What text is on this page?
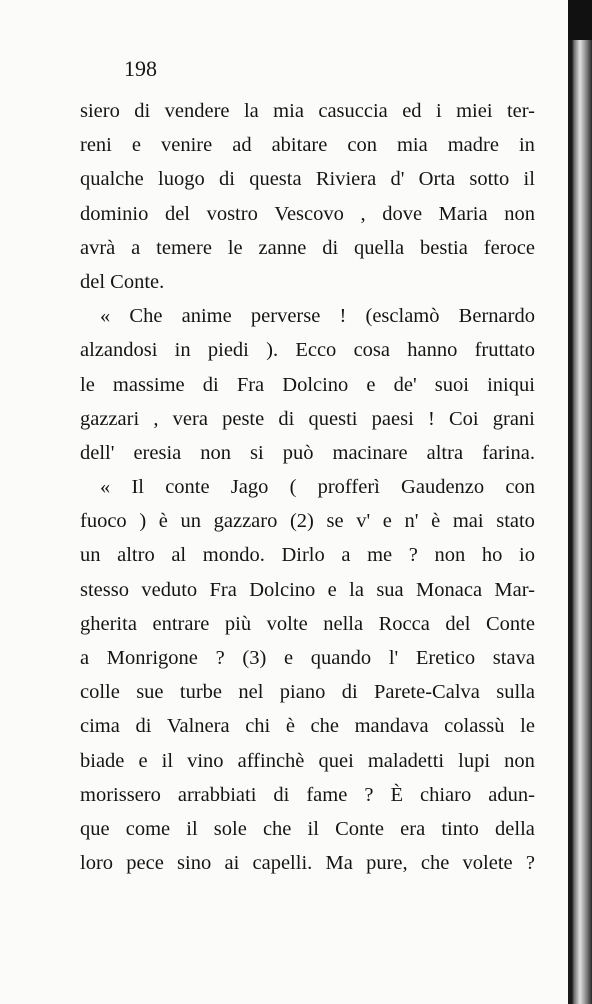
198
siero di vendere la mia casuccia ed i miei ter-
reni e venire ad abitare con mia madre in
qualche luogo di questa Riviera d' Orta sotto il
dominio del vostro Vescovo , dove Maria non
avrà a temere le zanne di quella bestia feroce
del Conte.
« Che anime perverse ! (esclamò Bernardo
alzandosi in piedi ). Ecco cosa hanno fruttato
le massime di Fra Dolcino e de' suoi iniqui
gazzari , vera peste di questi paesi ! Coi grani
dell' eresia non si può macinare altra farina.
« Il conte Jago ( profferì Gaudenzo con
fuoco ) è un gazzaro (2) se v' e n' è mai stato
un altro al mondo. Dirlo a me ? non ho io
stesso veduto Fra Dolcino e la sua Monaca Mar-
gherita entrare più volte nella Rocca del Conte
a Monrigone ? (3) e quando l' Eretico stava
colle sue turbe nel piano di Parete-Calva sulla
cima di Valnera chi è che mandava colassù le
biade e il vino affinchè quei maladetti lupi non
morissero arrabbiati di fame ? È chiaro adun-
que come il sole che il Conte era tinto della
loro pece sino ai capelli. Ma pure, che volete ?
